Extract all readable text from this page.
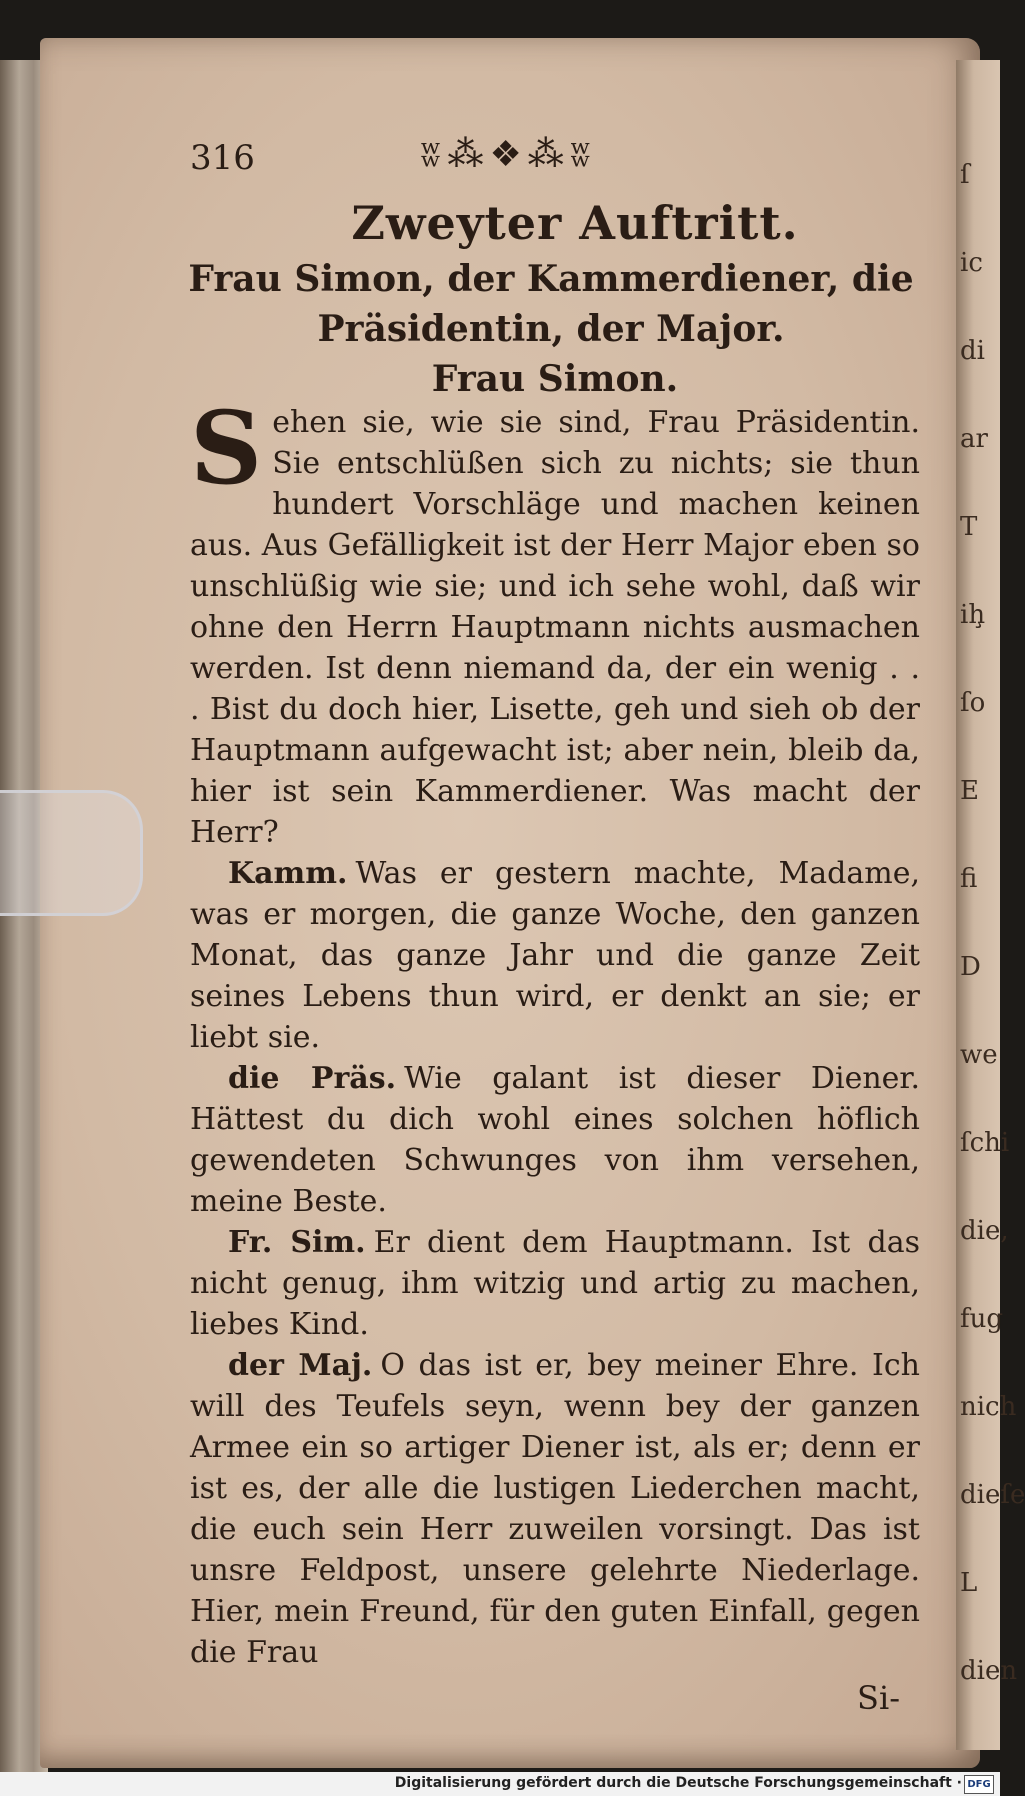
ſ
ic
di
ar
T
iḩ
ſo
E
fi
D
we
ſchi
die,
fug
nich
dieſe
L
dien
316	ʬ⁂❖⁂ʬ
Zweyter Auftritt.
Frau Simon, der Kammerdiener, die Präsidentin, der Major.
Frau Simon.

Sehen sie, wie sie sind, Frau Präsidentin. Sie entschlüßen sich zu nichts; sie thun hundert Vorschläge und machen keinen aus. Aus Gefälligkeit ist der Herr Major eben so unschlüßig wie sie; und ich sehe wohl, daß wir ohne den Herrn Hauptmann nichts ausmachen werden. Ist denn niemand da, der ein wenig . . . Bist du doch hier, Lisette, geh und sieh ob der Hauptmann aufgewacht ist; aber nein, bleib da, hier ist sein Kammerdiener. Was macht der Herr?

Kamm. Was er gestern machte, Madame, was er morgen, die ganze Woche, den ganzen Monat, das ganze Jahr und die ganze Zeit seines Lebens thun wird, er denkt an sie; er liebt sie.

die Präs. Wie galant ist dieser Diener. Hättest du dich wohl eines solchen höflich gewendeten Schwunges von ihm versehen, meine Beste.

Fr. Sim. Er dient dem Hauptmann. Ist das nicht genug, ihm witzig und artig zu machen, liebes Kind.

der Maj. O das ist er, bey meiner Ehre. Ich will des Teufels seyn, wenn bey der ganzen Armee ein so artiger Diener ist, als er; denn er ist es, der alle die lustigen Liederchen macht, die euch sein Herr zuweilen vorsingt. Das ist unsre Feldpost, unsere gelehrte Niederlage. Hier, mein Freund, für den guten Einfall, gegen die Frau

Si-
Digitalisierung gefördert durch die Deutsche Forschungsgemeinschaft · DFG
